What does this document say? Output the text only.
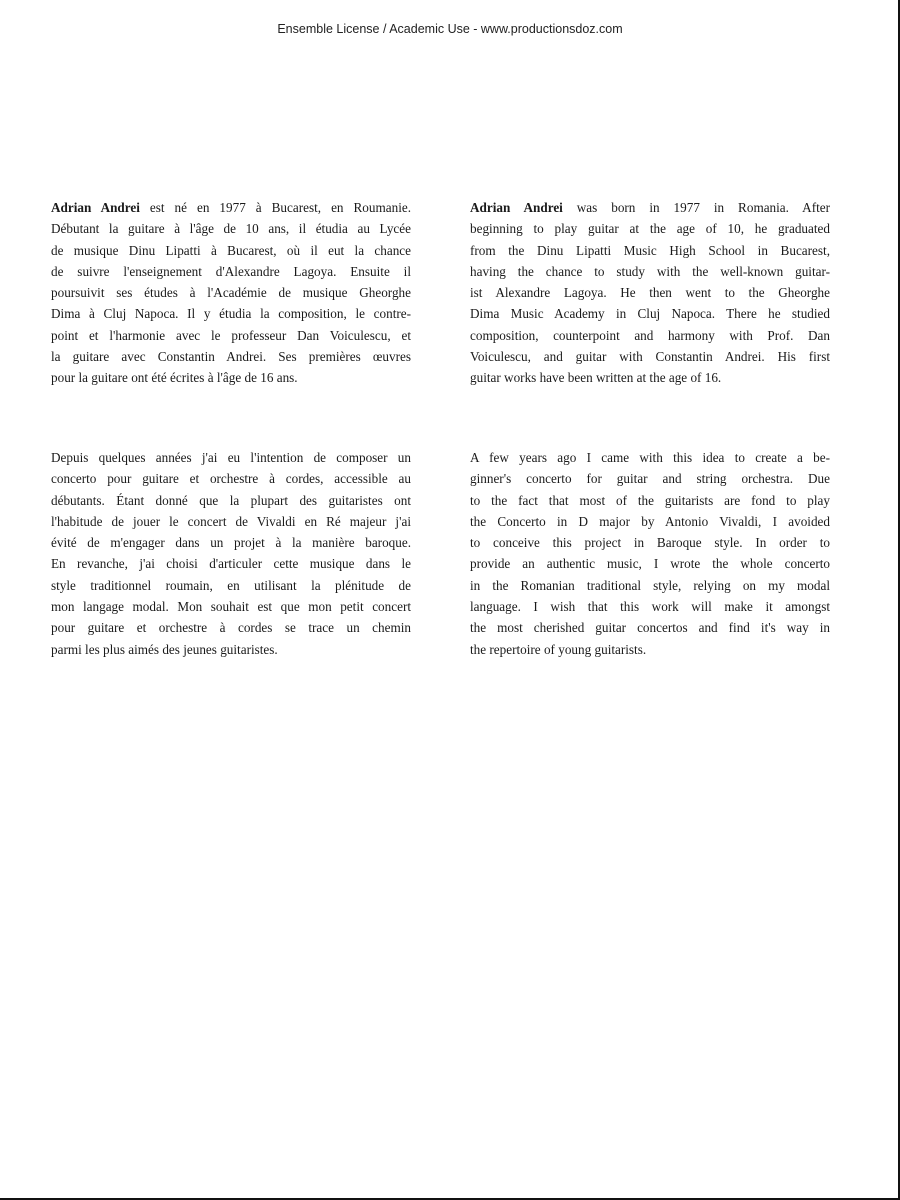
Ensemble License / Academic Use - www.productionsdoz.com
Adrian Andrei est né en 1977 à Bucarest, en Roumanie.
Débutant la guitare à l'âge de 10 ans, il étudia au Lycée
de musique Dinu Lipatti à Bucarest, où il eut la chance
de suivre l'enseignement d'Alexandre Lagoya. Ensuite il
poursuivit ses études à l'Académie de musique Gheorghe
Dima à Cluj Napoca. Il y étudia la composition, le contre-
point et l'harmonie avec le professeur Dan Voiculescu, et
la guitare avec Constantin Andrei. Ses premières œuvres
pour la guitare ont été écrites à l'âge de 16 ans.
Adrian Andrei was born in 1977 in Romania. After
beginning to play guitar at the age of 10, he graduated
from the Dinu Lipatti Music High School in Bucarest,
having the chance to study with the well-known guitar-
ist Alexandre Lagoya. He then went to the Gheorghe
Dima Music Academy in Cluj Napoca. There he studied
composition, counterpoint and harmony with Prof. Dan
Voiculescu, and guitar with Constantin Andrei. His first
guitar works have been written at the age of 16.
Depuis quelques années j'ai eu l'intention de composer un
concerto pour guitare et orchestre à cordes, accessible au
débutants. Étant donné que la plupart des guitaristes ont
l'habitude de jouer le concert de Vivaldi en Ré majeur j'ai
évité de m'engager dans un projet à la manière baroque.
En revanche, j'ai choisi d'articuler cette musique dans le
style traditionnel roumain, en utilisant la plénitude de
mon langage modal. Mon souhait est que mon petit concert
pour guitare et orchestre à cordes se trace un chemin
parmi les plus aimés des jeunes guitaristes.
A few years ago I came with this idea to create a be-
ginner's concerto for guitar and string orchestra. Due
to the fact that most of the guitarists are fond to play
the Concerto in D major by Antonio Vivaldi, I avoided
to conceive this project in Baroque style. In order to
provide an authentic music, I wrote the whole concerto
in the Romanian traditional style, relying on my modal
language. I wish that this work will make it amongst
the most cherished guitar concertos and find it's way in
the repertoire of young guitarists.
